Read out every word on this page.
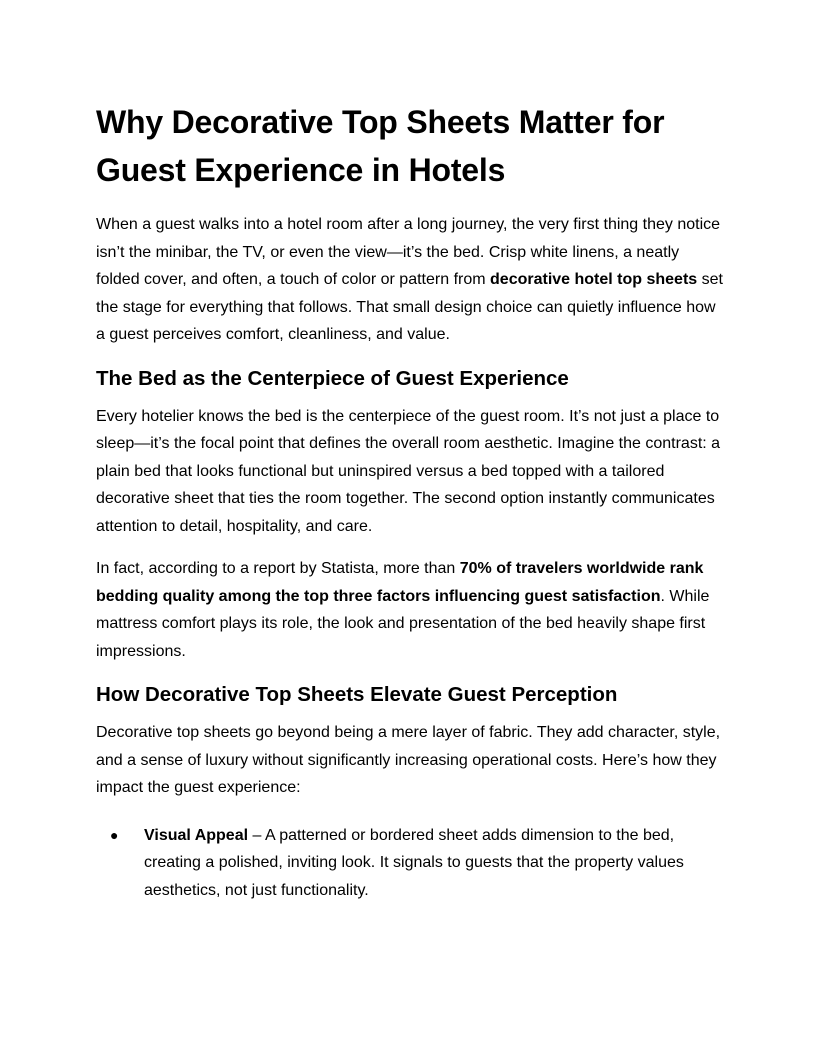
Why Decorative Top Sheets Matter for Guest Experience in Hotels

When a guest walks into a hotel room after a long journey, the very first thing they notice isn’t the minibar, the TV, or even the view—it’s the bed. Crisp white linens, a neatly folded cover, and often, a touch of color or pattern from decorative hotel top sheets set the stage for everything that follows. That small design choice can quietly influence how a guest perceives comfort, cleanliness, and value.

The Bed as the Centerpiece of Guest Experience

Every hotelier knows the bed is the centerpiece of the guest room. It’s not just a place to sleep—it’s the focal point that defines the overall room aesthetic. Imagine the contrast: a plain bed that looks functional but uninspired versus a bed topped with a tailored decorative sheet that ties the room together. The second option instantly communicates attention to detail, hospitality, and care.

In fact, according to a report by Statista, more than 70% of travelers worldwide rank bedding quality among the top three factors influencing guest satisfaction. While mattress comfort plays its role, the look and presentation of the bed heavily shape first impressions.

How Decorative Top Sheets Elevate Guest Perception

Decorative top sheets go beyond being a mere layer of fabric. They add character, style, and a sense of luxury without significantly increasing operational costs. Here’s how they impact the guest experience:

● Visual Appeal – A patterned or bordered sheet adds dimension to the bed, creating a polished, inviting look. It signals to guests that the property values aesthetics, not just functionality.
